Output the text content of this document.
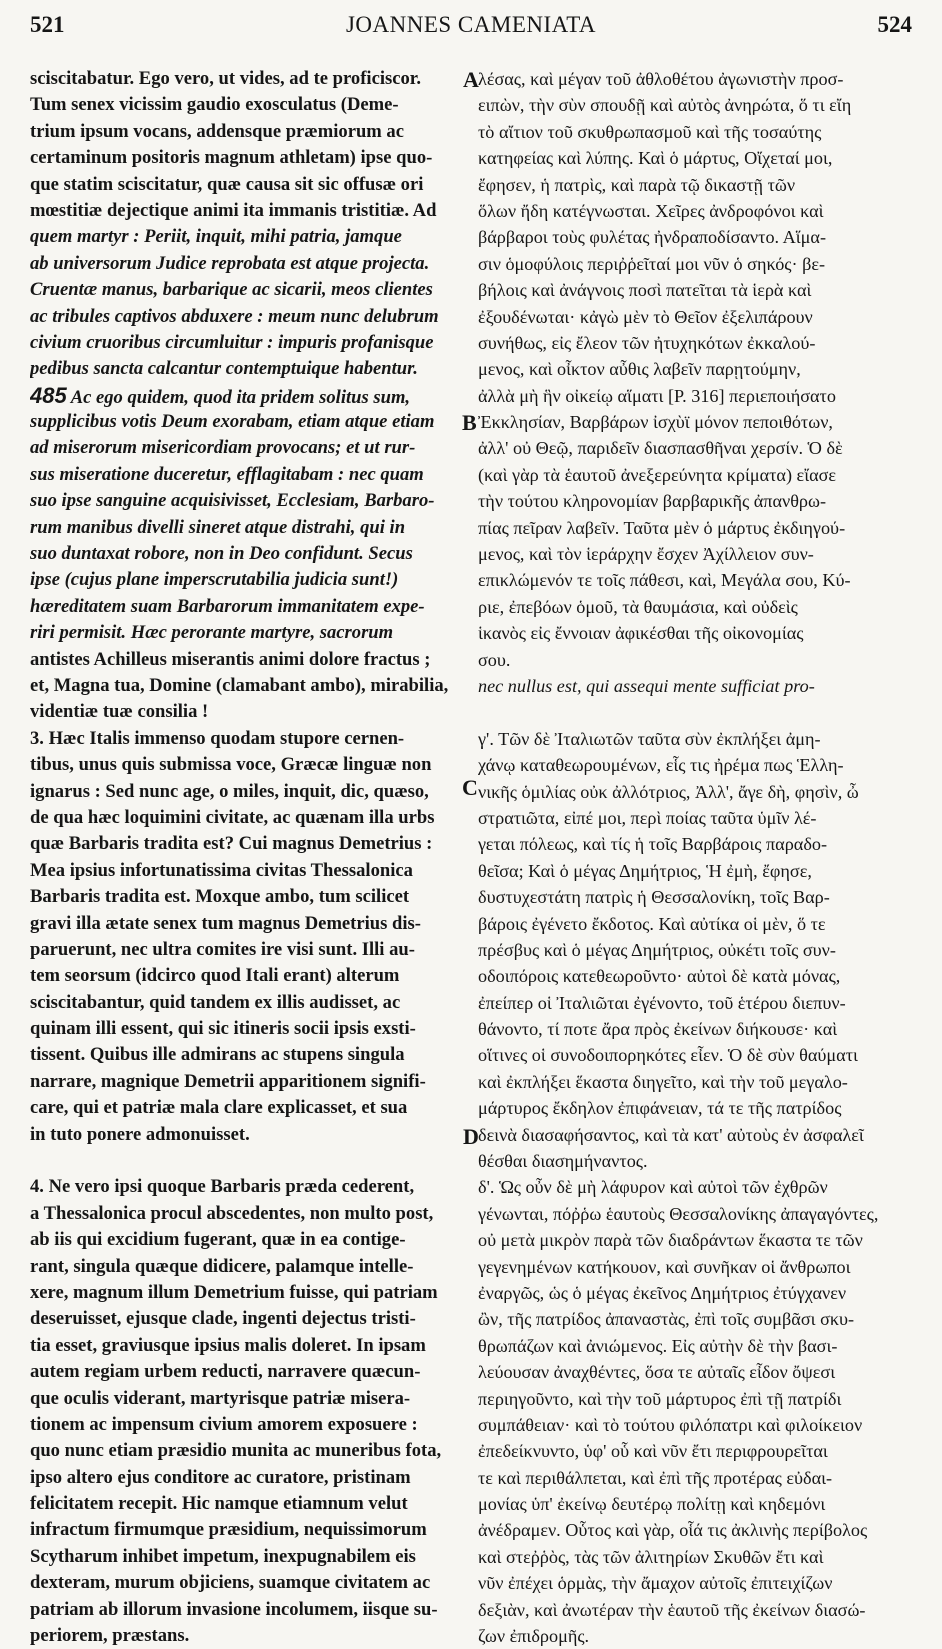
521	JOANNES CAMENIATA	524
A
B
C
D
sciscitabatur. Ego vero, ut vides, ad te proficiscor.
Tum senex vicissim gaudio exosculatus (Deme-
trium ipsum vocans, addensque præmiorum ac
certaminum positoris magnum athletam) ipse quo-
que statim sciscitatur, quæ causa sit sic offusæ ori
mœstitiæ dejectique animi ita immanis tristitiæ. Ad
quem martyr : Periit, inquit, mihi patria, jamque
ab universorum Judice reprobata est atque projecta.
Cruentæ manus, barbarique ac sicarii, meos clientes
ac tribules captivos abduxere : meum nunc delubrum
civium cruoribus circumluitur : impuris profanisque
pedibus sancta calcantur contemptuique habentur.
485 Ac ego quidem, quod ita pridem solitus sum,
supplicibus votis Deum exorabam, etiam atque etiam
ad miserorum misericordiam provocans; et ut rur-
sus miseratione duceretur, efflagitabam : nec quam
suo ipse sanguine acquisivisset, Ecclesiam, Barbaro-
rum manibus divelli sineret atque distrahi, qui in
suo duntaxat robore, non in Deo confidunt. Secus
ipse (cujus plane imperscrutabilia judicia sunt!)
hæreditatem suam Barbarorum immanitatem expe-
riri permisit. Hæc perorante martyre, sacrorum
antistes Achilleus miserantis animi dolore fractus ;
et, Magna tua, Domine (clamabant ambo), mirabilia,
videntiæ tuæ consilia !
3. Hæc Italis immenso quodam stupore cernen-
tibus, unus quis submissa voce, Græcæ linguæ non
ignarus : Sed nunc age, o miles, inquit, dic, quæso,
de qua hæc loquimini civitate, ac quænam illa urbs
quæ Barbaris tradita est? Cui magnus Demetrius :
Mea ipsius infortunatissima civitas Thessalonica
Barbaris tradita est. Moxque ambo, tum scilicet
gravi illa ætate senex tum magnus Demetrius dis-
paruerunt, nec ultra comites ire visi sunt. Illi au-
tem seorsum (idcirco quod Itali erant) alterum
sciscitabantur, quid tandem ex illis audisset, ac
quinam illi essent, qui sic itineris socii ipsis exsti-
tissent. Quibus ille admirans ac stupens singula
narrare, magnique Demetrii apparitionem signifi-
care, qui et patriæ mala clare explicasset, et sua
in tuto ponere admonuisset.
4. Ne vero ipsi quoque Barbaris præda cederent,
a Thessalonica procul abscedentes, non multo post,
ab iis qui excidium fugerant, quæ in ea contige-
rant, singula quæque didicere, palamque intelle-
xere, magnum illum Demetrium fuisse, qui patriam
deseruisset, ejusque clade, ingenti dejectus tristi-
tia esset, graviusque ipsius malis doleret. In ipsam
autem regiam urbem reducti, narravere quæcun-
que oculis viderant, martyrisque patriæ misera-
tionem ac impensum civium amorem exposuere :
quo nunc etiam præsidio munita ac muneribus fota,
ipso altero ejus conditore ac curatore, pristinam
felicitatem recepit. Hic namque etiamnum velut
infractum firmumque præsidium, nequissimorum
Scytharum inhibet impetum, inexpugnabilem eis
dexteram, murum objiciens, suamque civitatem ac
patriam ab illorum invasione incolumem, iisque su-
periorem, præstans.
λέσας, καὶ μέγαν τοῦ ἀθλοθέτου ἀγωνιστὴν προσ-
ειπὼν, τὴν σὺν σπουδῇ καὶ αὐτὸς ἀνηρώτα, ὅ τι εἴη
τὸ αἴτιον τοῦ σκυθρωπασμοῦ καὶ τῆς τοσαύτης
κατηφείας καὶ λύπης. Καὶ ὁ μάρτυς, Οἴχεταί μοι,
ἔφησεν, ἡ πατρὶς, καὶ παρὰ τῷ δικαστῇ τῶν
ὅλων ἤδη κατέγνωσται. Χεῖρες ἀνδροφόνοι καὶ
βάρβαροι τοὺς φυλέτας ἠνδραποδίσαντο. Αἵμα-
σιν ὁμοφύλοις περιῤῥεῖταί μοι νῦν ὁ σηκός· βε-
βήλοις καὶ ἀνάγνοις ποσὶ πατεῖται τὰ ἱερὰ καὶ
ἐξουδένωται· κἀγὼ μὲν τὸ Θεῖον ἐξελιπάρουν
συνήθως, εἰς ἔλεον τῶν ἠτυχηκότων ἐκκαλού-
μενος, καὶ οἶκτον αὖθις λαβεῖν παρῃτούμην,
ἀλλὰ μὴ ἣν οἰκείῳ αἵματι [P. 316] περιεποιήσατο
Ἐκκλησίαν, Βαρβάρων ἰσχὺϊ μόνον πεποιθότων,
ἀλλ' οὐ Θεῷ, παριδεῖν διασπασθῆναι χερσίν. Ὁ δὲ
(καὶ γὰρ τὰ ἑαυτοῦ ἀνεξερεύνητα κρίματα) εἴασε
τὴν τούτου κληρονομίαν βαρβαρικῆς ἀπανθρω-
πίας πεῖραν λαβεῖν. Ταῦτα μὲν ὁ μάρτυς ἐκδιηγού-
μενος, καὶ τὸν ἱεράρχην ἔσχεν Ἀχίλλειον συν-
επικλώμενόν τε τοῖς πάθεσι, καὶ, Μεγάλα σου, Κύ-
ριε, ἐπεβόων ὁμοῦ, τὰ θαυμάσια, καὶ οὐδεὶς
ἱκανὸς εἰς ἔννοιαν ἀφικέσθαι τῆς οἰκονομίας
σου.
nec nullus est, qui assequi mente sufficiat pro-
γ'. Τῶν δὲ Ἰταλιωτῶν ταῦτα σὺν ἐκπλήξει ἀμη-
χάνῳ καταθεωρουμένων, εἷς τις ἠρέμα πως Ἑλλη-
νικῆς ὁμιλίας οὐκ ἀλλότριος, Ἀλλ', ἄγε δὴ, φησὶν, ὦ
στρατιῶτα, εἰπέ μοι, περὶ ποίας ταῦτα ὑμῖν λέ-
γεται πόλεως, καὶ τίς ἡ τοῖς Βαρβάροις παραδο-
θεῖσα; Καὶ ὁ μέγας Δημήτριος, Ἡ ἐμὴ, ἔφησε,
δυστυχεστάτη πατρὶς ἡ Θεσσαλονίκη, τοῖς Βαρ-
βάροις ἐγένετο ἔκδοτος. Καὶ αὐτίκα οἱ μὲν, ὅ τε
πρέσβυς καὶ ὁ μέγας Δημήτριος, οὐκέτι τοῖς συν-
οδοιπόροις κατεθεωροῦντο· αὐτοὶ δὲ κατὰ μόνας,
ἐπείπερ οἱ Ἰταλιῶται ἐγένοντο, τοῦ ἑτέρου διεπυν-
θάνοντο, τί ποτε ἄρα πρὸς ἐκείνων διήκουσε· καὶ
οἵτινες οἱ συνοδοιπορηκότες εἶεν. Ὁ δὲ σὺν θαύματι
καὶ ἐκπλήξει ἕκαστα διηγεῖτο, καὶ τὴν τοῦ μεγαλο-
μάρτυρος ἔκδηλον ἐπιφάνειαν, τά τε τῆς πατρίδος
δεινὰ διασαφήσαντος, καὶ τὰ κατ' αὐτοὺς ἐν ἀσφαλεῖ
θέσθαι διασημήναντος.
δ'. Ὡς οὖν δὲ μὴ λάφυρον καὶ αὐτοὶ τῶν ἐχθρῶν
γένωνται, πόῤῥω ἑαυτοὺς Θεσσαλονίκης ἀπαγαγόντες,
οὐ μετὰ μικρὸν παρὰ τῶν διαδράντων ἕκαστα τε τῶν
γεγενημένων κατήκουον, καὶ συνῆκαν οἱ ἄνθρωποι
ἐναργῶς, ὡς ὁ μέγας ἐκεῖνος Δημήτριος ἐτύγχανεν
ὢν, τῆς πατρίδος ἀπαναστὰς, ἐπὶ τοῖς συμβᾶσι σκυ-
θρωπάζων καὶ ἀνιώμενος. Εἰς αὐτὴν δὲ τὴν βασι-
λεύουσαν ἀναχθέντες, ὅσα τε αὐταῖς εἶδον ὄψεσι
περιηγοῦντο, καὶ τὴν τοῦ μάρτυρος ἐπὶ τῇ πατρίδι
συμπάθειαν· καὶ τὸ τούτου φιλόπατρι καὶ φιλοίκειον
ἐπεδείκνυντο, ὑφ' οὗ καὶ νῦν ἔτι περιφρουρεῖται
τε καὶ περιθάλπεται, καὶ ἐπὶ τῆς προτέρας εὐδαι-
μονίας ὑπ' ἐκείνῳ δευτέρῳ πολίτῃ καὶ κηδεμόνι
ἀνέδραμεν. Οὗτος καὶ γὰρ, οἷά τις ἀκλινὴς περίβολος
καὶ στεῤῥὸς, τὰς τῶν ἀλιτηρίων Σκυθῶν ἔτι καὶ
νῦν ἐπέχει ὁρμὰς, τὴν ἄμαχον αὐτοῖς ἐπιτειχίζων
δεξιὰν, καὶ ἀνωτέραν τὴν ἑαυτοῦ τῆς ἐκείνων διασώ-
ζων ἐπιδρομῆς.
